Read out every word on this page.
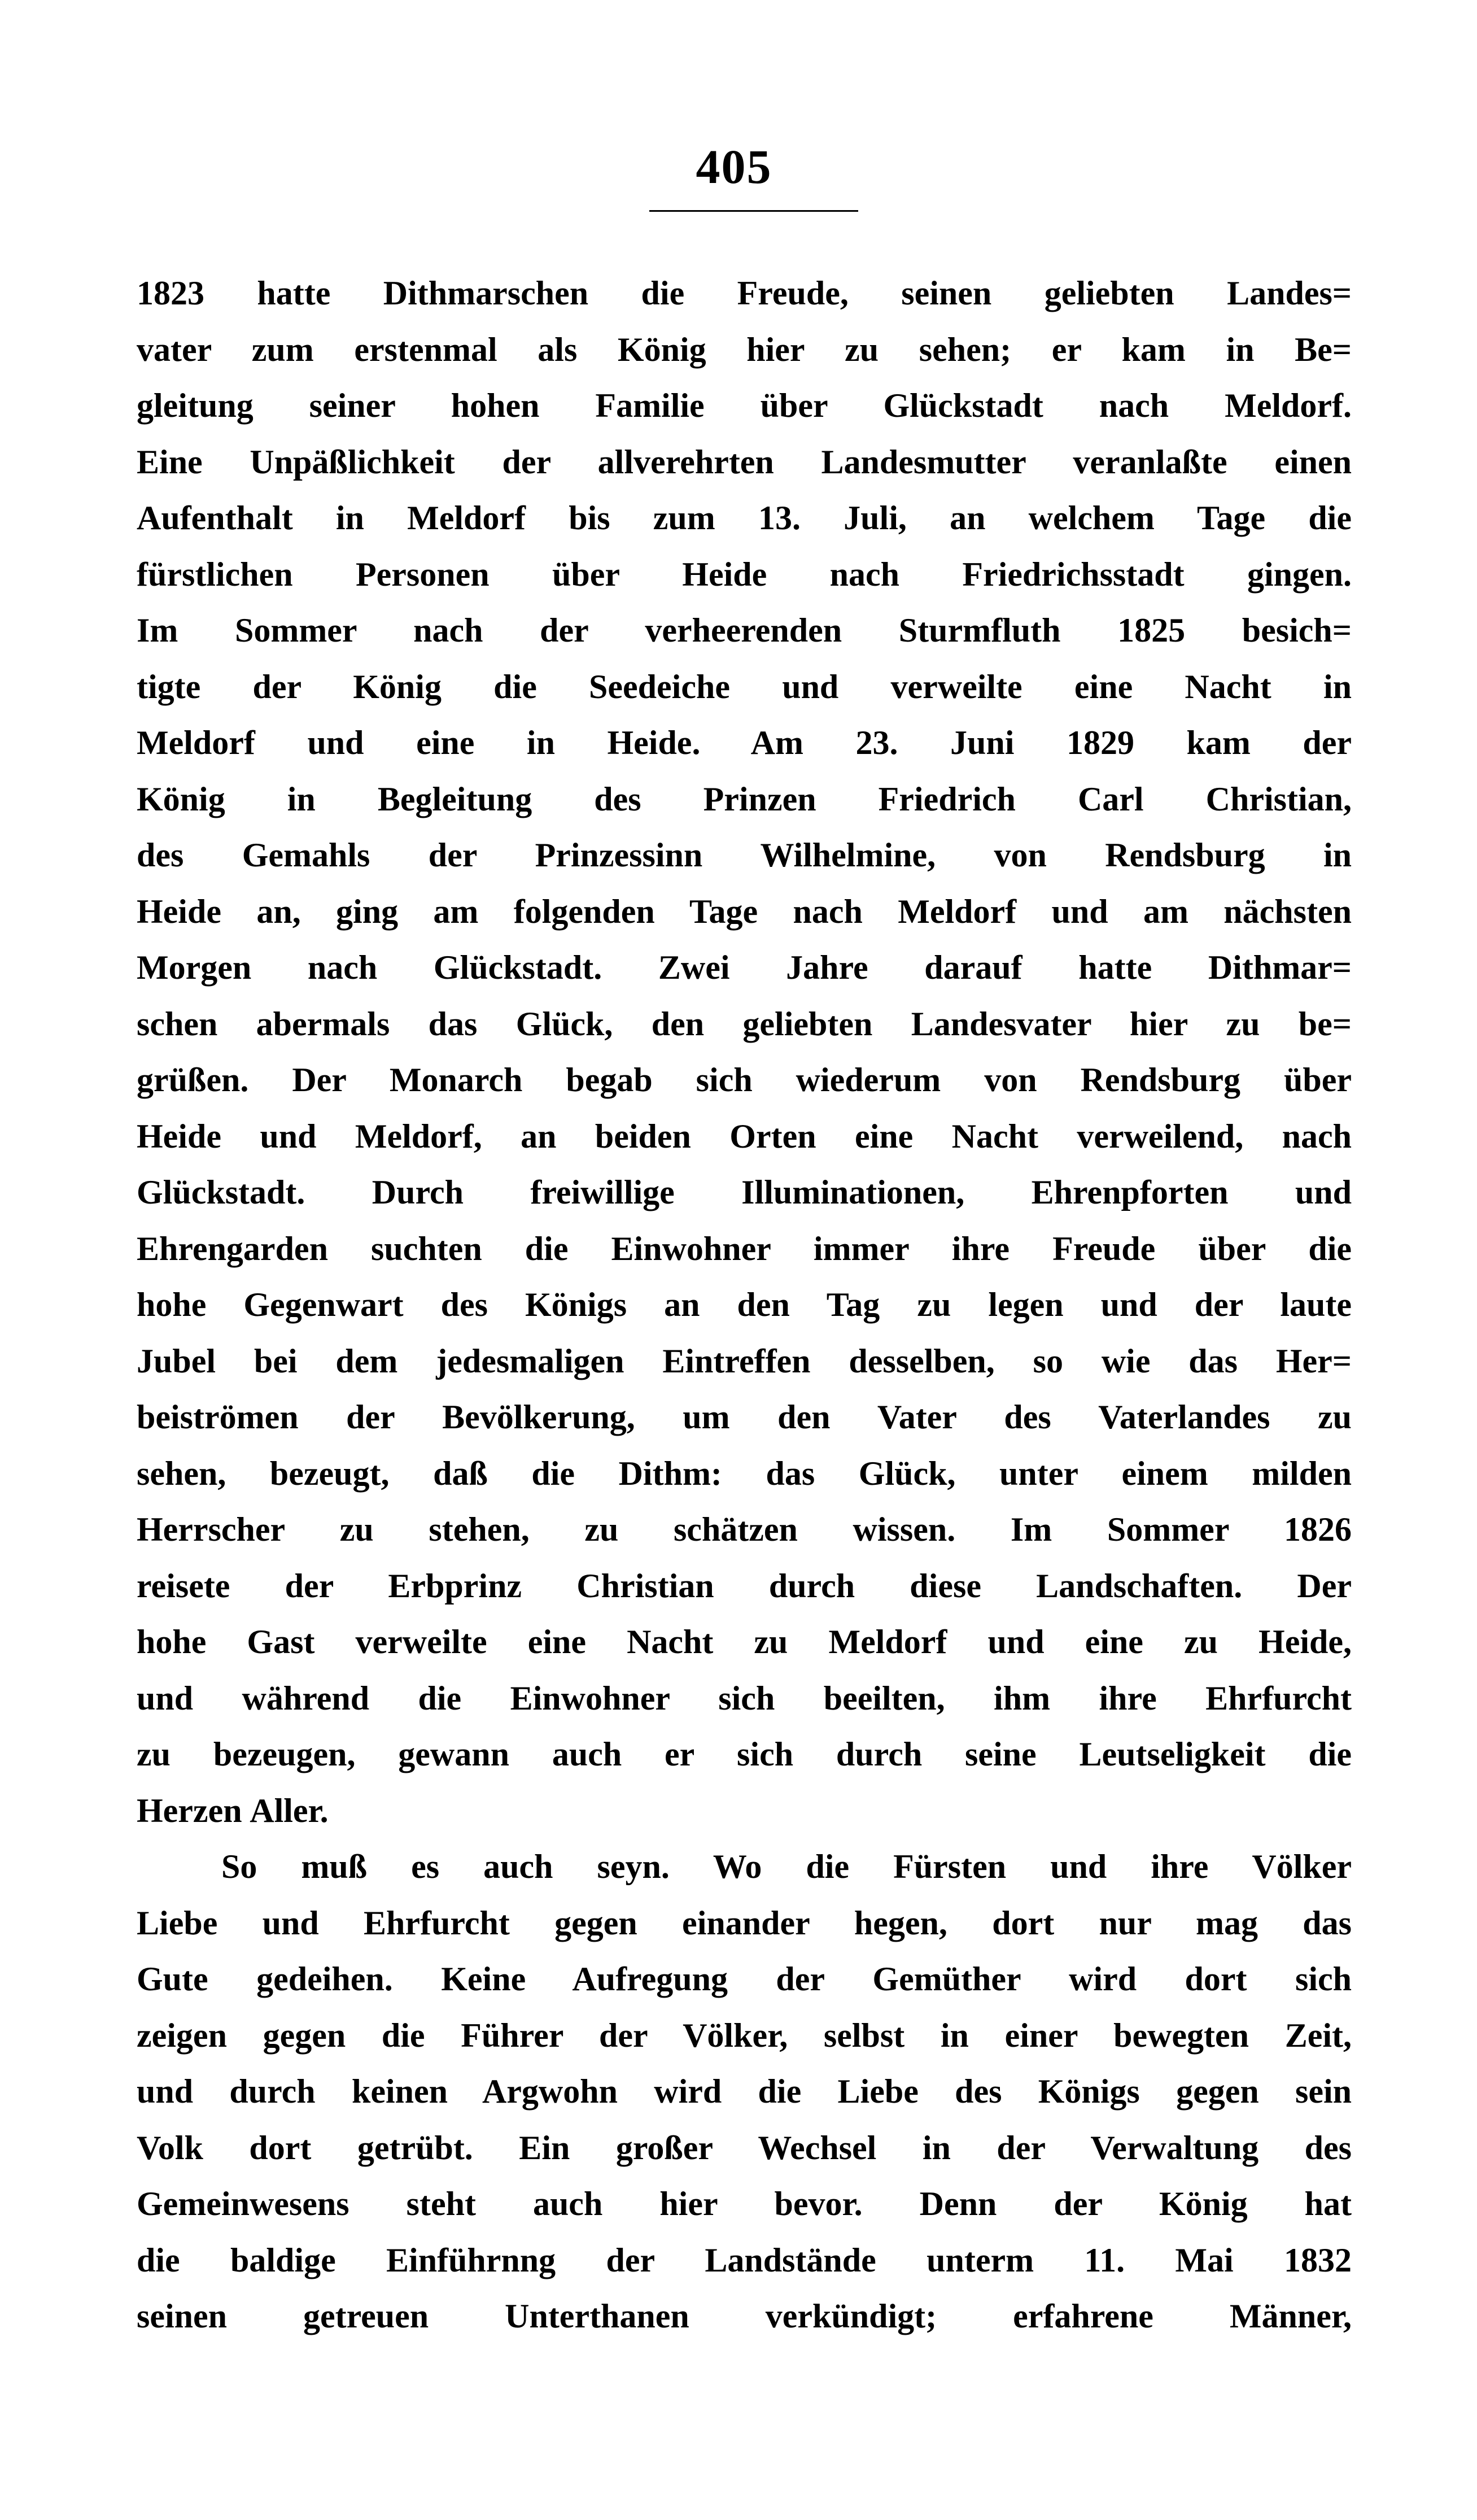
405
1823 hatte Dithmarschen die Freude, seinen geliebten Landes=
vater zum erstenmal als König hier zu sehen; er kam in Be=
gleitung seiner hohen Familie über Glückstadt nach Meldorf.
Eine Unpäßlichkeit der allverehrten Landesmutter veranlaßte einen
Aufenthalt in Meldorf bis zum 13. Juli, an welchem Tage die
fürstlichen Personen über Heide nach Friedrichsstadt gingen.
Im Sommer nach der verheerenden Sturmfluth 1825 besich=
tigte der König die Seedeiche und verweilte eine Nacht in
Meldorf und eine in Heide. Am 23. Juni 1829 kam der
König in Begleitung des Prinzen Friedrich Carl Christian,
des Gemahls der Prinzessinn Wilhelmine, von Rendsburg in
Heide an, ging am folgenden Tage nach Meldorf und am nächsten
Morgen nach Glückstadt. Zwei Jahre darauf hatte Dithmar=
schen abermals das Glück, den geliebten Landesvater hier zu be=
grüßen. Der Monarch begab sich wiederum von Rendsburg über
Heide und Meldorf, an beiden Orten eine Nacht verweilend, nach
Glückstadt. Durch freiwillige Illuminationen, Ehrenpforten und
Ehrengarden suchten die Einwohner immer ihre Freude über die
hohe Gegenwart des Königs an den Tag zu legen und der laute
Jubel bei dem jedesmaligen Eintreffen desselben, so wie das Her=
beiströmen der Bevölkerung, um den Vater des Vaterlandes zu
sehen, bezeugt, daß die Dithm: das Glück, unter einem milden
Herrscher zu stehen, zu schätzen wissen. Im Sommer 1826
reisete der Erbprinz Christian durch diese Landschaften. Der
hohe Gast verweilte eine Nacht zu Meldorf und eine zu Heide,
und während die Einwohner sich beeilten, ihm ihre Ehrfurcht
zu bezeugen, gewann auch er sich durch seine Leutseligkeit die
Herzen Aller.
So muß es auch seyn. Wo die Fürsten und ihre Völker
Liebe und Ehrfurcht gegen einander hegen, dort nur mag das
Gute gedeihen. Keine Aufregung der Gemüther wird dort sich
zeigen gegen die Führer der Völker, selbst in einer bewegten Zeit,
und durch keinen Argwohn wird die Liebe des Königs gegen sein
Volk dort getrübt. Ein großer Wechsel in der Verwaltung des
Gemeinwesens steht auch hier bevor. Denn der König hat
die baldige Einführnng der Landstände unterm 11. Mai 1832
seinen getreuen Unterthanen verkündigt; erfahrene Männer,
